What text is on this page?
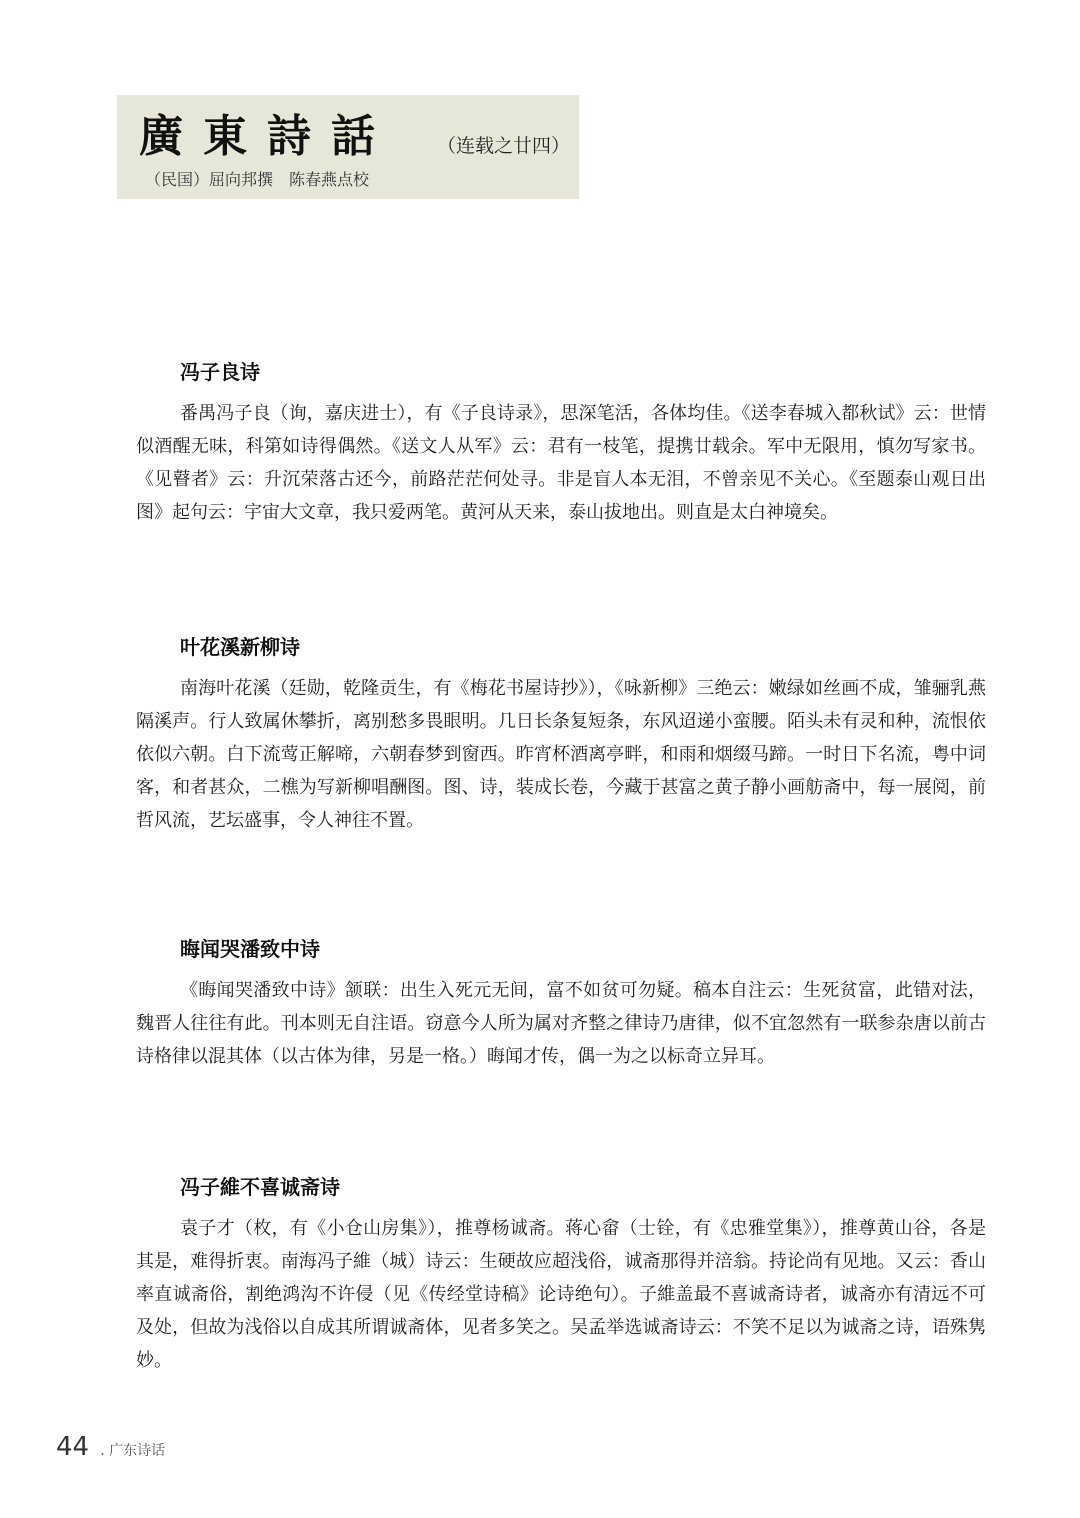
廣東詩話 （连载之廿四）
（民国）屈向邦撰　陈春燕点校
冯子良诗

番禺冯子良（询，嘉庆进士），有《子良诗录》，思深笔活，各体均佳。《送李春城入都秋试》云：世情似酒醒无味，科第如诗得偶然。《送文人从军》云：君有一枝笔，提携廿载余。军中无限用，慎勿写家书。《见瞽者》云：升沉荣落古还今，前路茫茫何处寻。非是盲人本无泪，不曾亲见不关心。《至题泰山观日出图》起句云：宇宙大文章，我只爱两笔。黄河从天来，泰山拔地出。则直是太白神境矣。

叶花溪新柳诗

南海叶花溪（廷勋，乾隆贡生，有《梅花书屋诗抄》），《咏新柳》三绝云：嫩绿如丝画不成，雏骊乳燕隔溪声。行人致属休攀折，离别愁多畏眼明。几日长条复短条，东风迢递小蛮腰。陌头未有灵和种，流恨依依似六朝。白下流莺正解啼，六朝春梦到窗西。昨宵杯酒离亭畔，和雨和烟缀马蹄。一时日下名流，粤中词客，和者甚众，二樵为写新柳唱酬图。图、诗，装成长卷，今藏于甚富之黄子静小画舫斋中，每一展阅，前哲风流，艺坛盛事，令人神往不置。

晦闻哭潘致中诗

《晦闻哭潘致中诗》颔联：出生入死元无间，富不如贫可勿疑。稿本自注云：生死贫富，此错对法，魏晋人往往有此。刊本则无自注语。窃意今人所为属对齐整之律诗乃唐律，似不宜忽然有一联参杂唐以前古诗格律以混其体（以古体为律，另是一格。）晦闻才传，偶一为之以标奇立异耳。

冯子維不喜诚斋诗

袁子才（枚，有《小仓山房集》），推尊杨诚斋。蒋心畲（士铨，有《忠雅堂集》），推尊黄山谷，各是其是，难得折衷。南海冯子維（城）诗云：生硬故应超浅俗，诚斋那得并涪翁。持论尚有见地。又云：香山率直诚斋俗，割绝鸿沟不许侵（见《传经堂诗稿》论诗绝句）。子維盖最不喜诚斋诗者，诚斋亦有清远不可及处，但故为浅俗以自成其所谓诚斋体，见者多笑之。吴孟举选诚斋诗云：不笑不足以为诚斋之诗，语殊隽妙。

44 . 广东诗话
